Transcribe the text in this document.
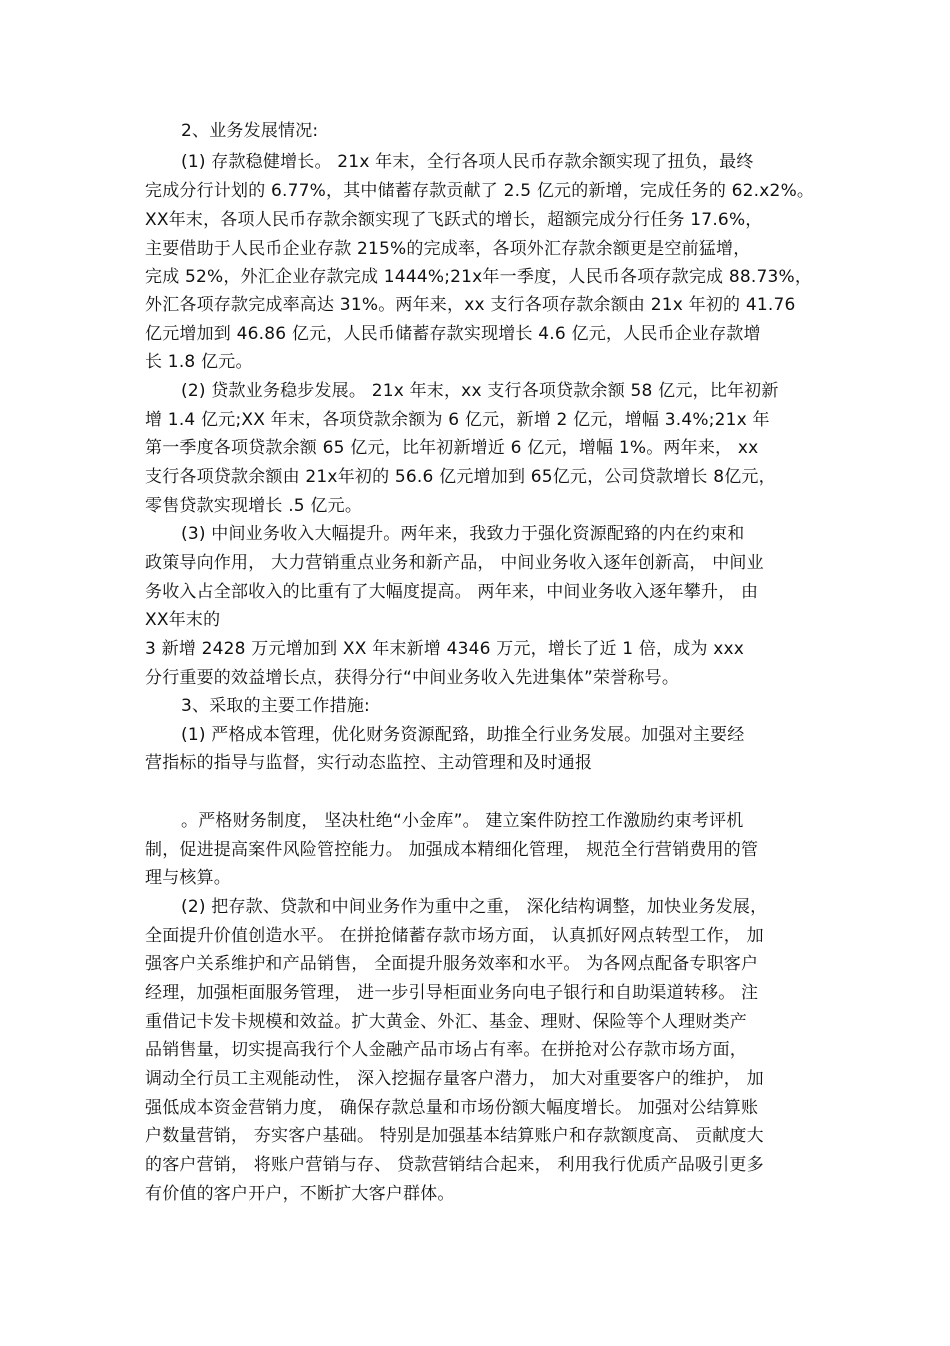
2、业务发展情况:
(1) 存款稳健增长。 21x 年末，全行各项人民币存款余额实现了扭负，最终
完成分行计划的 6.77%，其中储蓄存款贡献了 2.5 亿元的新增，完成任务的 62.x2%。
XX年末，各项人民币存款余额实现了飞跃式的增长，超额完成分行任务 17.6%，
主要借助于人民币企业存款 215%的完成率，各项外汇存款余额更是空前猛增，
完成 52%，外汇企业存款完成 1444%;21x年一季度，人民币各项存款完成 88.73%，
外汇各项存款完成率高达 31%。两年来，xx 支行各项存款余额由 21x 年初的 41.76
亿元增加到 46.86 亿元，人民币储蓄存款实现增长 4.6 亿元，人民币企业存款增
长 1.8 亿元。
(2) 贷款业务稳步发展。 21x 年末，xx 支行各项贷款余额 58 亿元，比年初新
增 1.4 亿元;XX 年末，各项贷款余额为 6 亿元，新增 2 亿元，增幅 3.4%;21x 年
第一季度各项贷款余额 65 亿元，比年初新增近 6 亿元，增幅 1%。两年来， xx
支行各项贷款余额由 21x年初的 56.6 亿元增加到 65亿元，公司贷款增长 8亿元，
零售贷款实现增长 .5 亿元。
(3) 中间业务收入大幅提升。两年来，我致力于强化资源配臵的内在约束和
政策导向作用， 大力营销重点业务和新产品， 中间业务收入逐年创新高， 中间业
务收入占全部收入的比重有了大幅度提高。 两年来，中间业务收入逐年攀升， 由
XX年末的
3 新增 2428 万元增加到 XX 年末新增 4346 万元，增长了近 1 倍，成为 xxx
分行重要的效益增长点，获得分行“中间业务收入先进集体”荣誉称号。
3、采取的主要工作措施:
(1) 严格成本管理，优化财务资源配臵，助推全行业务发展。加强对主要经
营指标的指导与监督，实行动态监控、主动管理和及时通报
。严格财务制度， 坚决杜绝“小金库”。 建立案件防控工作激励约束考评机
制，促进提高案件风险管控能力。 加强成本精细化管理， 规范全行营销费用的管
理与核算。
(2) 把存款、贷款和中间业务作为重中之重， 深化结构调整，加快业务发展，
全面提升价值创造水平。 在拼抢储蓄存款市场方面， 认真抓好网点转型工作， 加
强客户关系维护和产品销售， 全面提升服务效率和水平。 为各网点配备专职客户
经理，加强柜面服务管理， 进一步引导柜面业务向电子银行和自助渠道转移。 注
重借记卡发卡规模和效益。扩大黄金、外汇、基金、理财、保险等个人理财类产
品销售量，切实提高我行个人金融产品市场占有率。在拼抢对公存款市场方面，
调动全行员工主观能动性， 深入挖掘存量客户潜力， 加大对重要客户的维护， 加
强低成本资金营销力度， 确保存款总量和市场份额大幅度增长。 加强对公结算账
户数量营销， 夯实客户基础。 特别是加强基本结算账户和存款额度高、 贡献度大
的客户营销， 将账户营销与存、 贷款营销结合起来， 利用我行优质产品吸引更多
有价值的客户开户，不断扩大客户群体。
